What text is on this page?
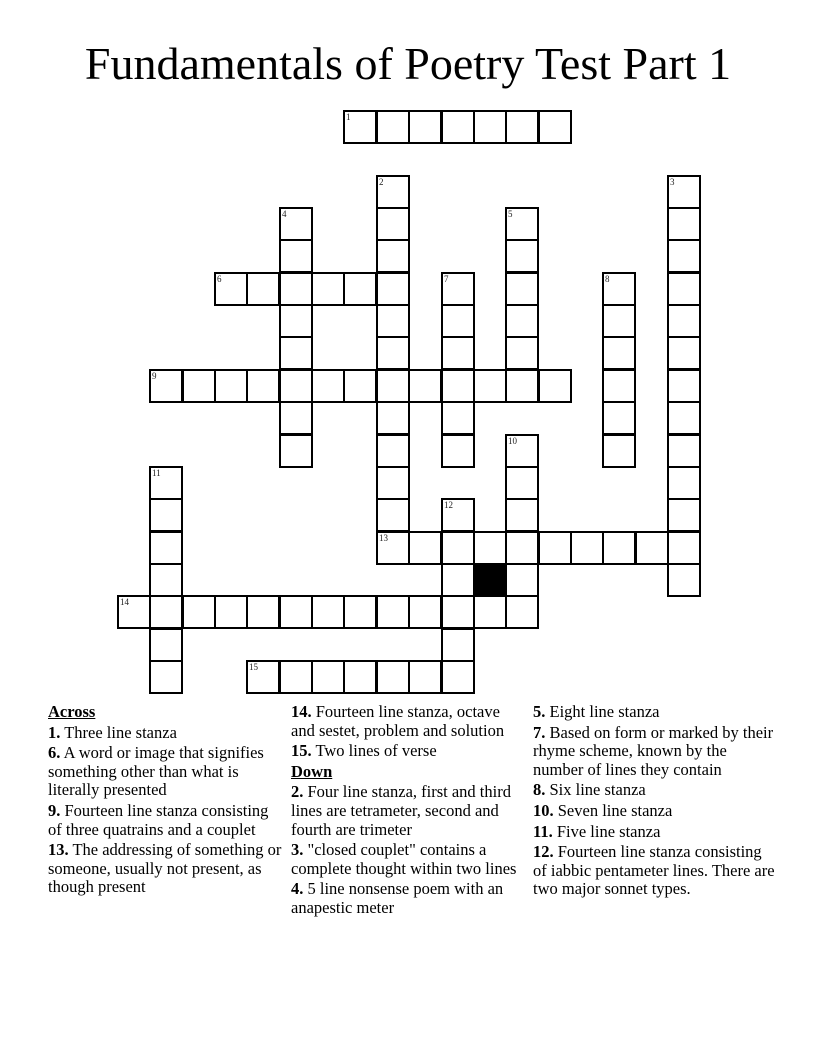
Fundamentals of Poetry Test Part 1
1
2
13
3
4	5
6	7	8
9
10
11
12
14
15
Across
1. Three line stanza
6. A word or image that signifies something other than what is literally presented
9. Fourteen line stanza consisting of three quatrains and a couplet
13. The addressing of something or someone, usually not present, as though present
14. Fourteen line stanza, octave and sestet, problem and solution
15. Two lines of verse
Down
2. Four line stanza, first and third lines are tetrameter, second and fourth are trimeter
3. "closed couplet" contains a complete thought within two lines
4. 5 line nonsense poem with an anapestic meter
5. Eight line stanza
7. Based on form or marked by their rhyme scheme, known by the number of lines they contain
8. Six line stanza
10. Seven line stanza
11. Five line stanza
12. Fourteen line stanza consisting of iabbic pentameter lines. There are two major sonnet types.
